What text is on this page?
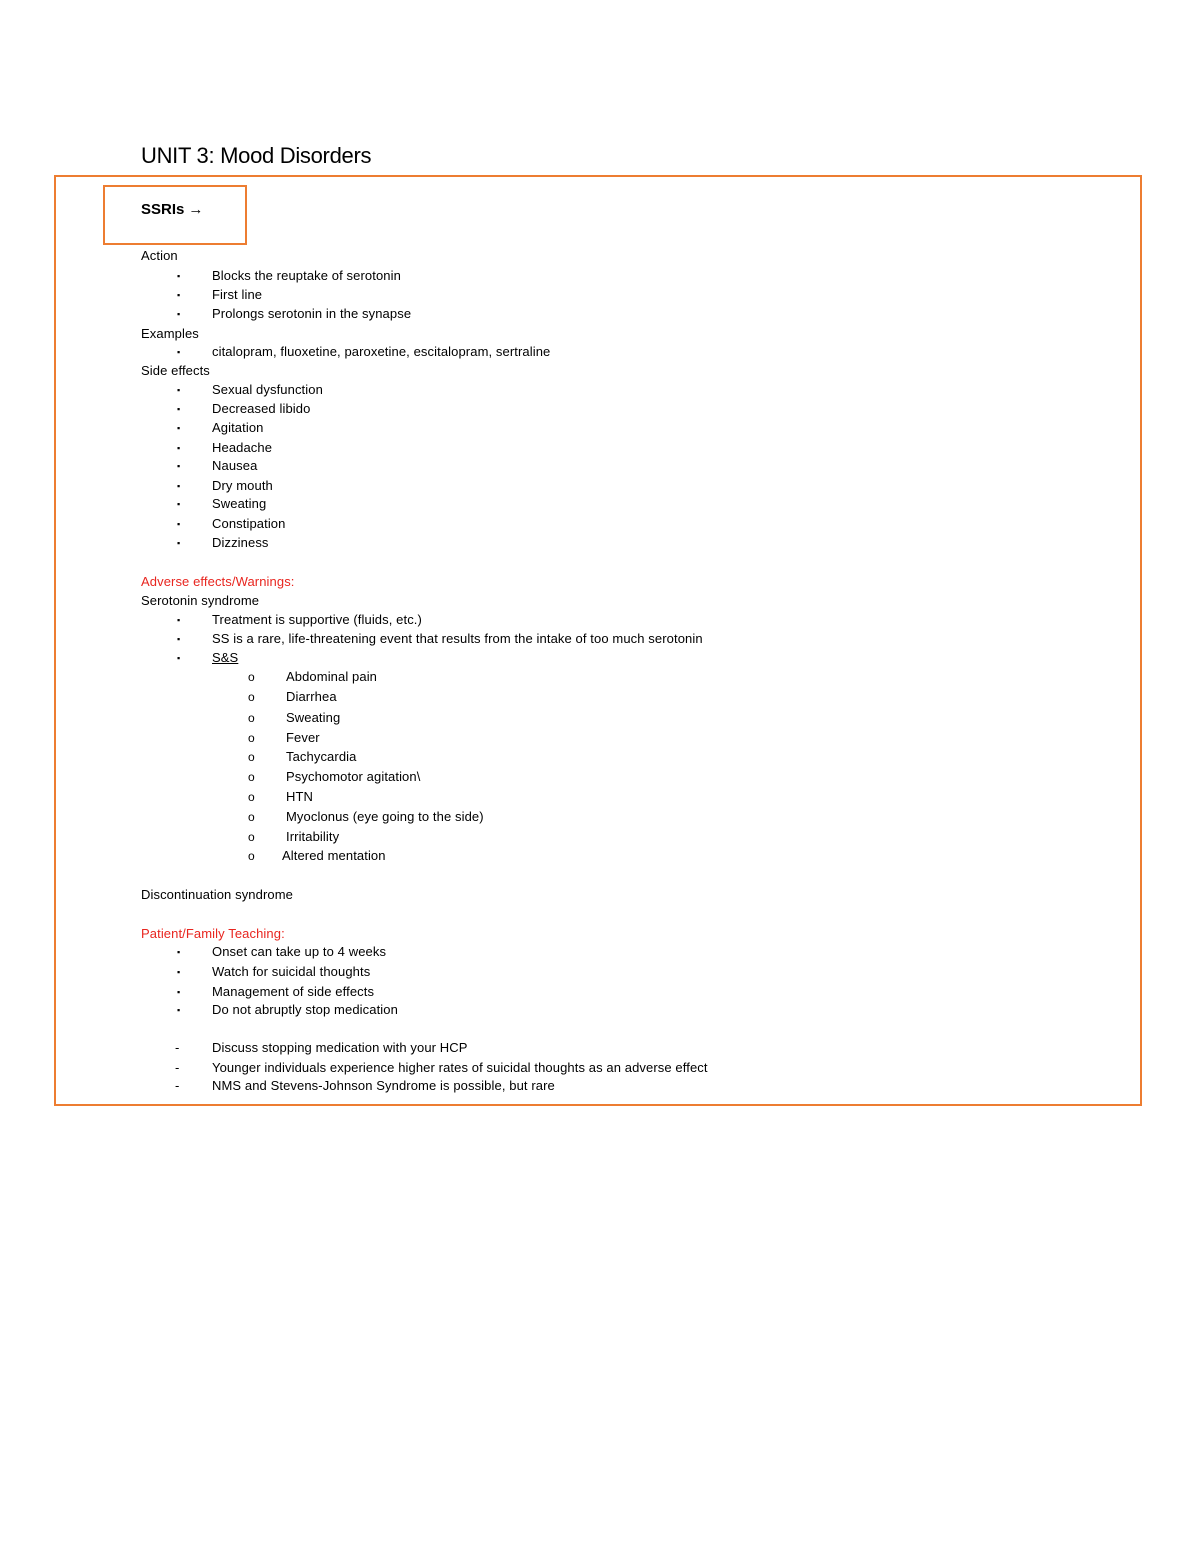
UNIT 3: Mood Disorders
SSRIs →
Action
▪ Blocks the reuptake of serotonin
▪ First line
▪ Prolongs serotonin in the synapse
Examples
▪ citalopram, fluoxetine, paroxetine, escitalopram, sertraline
Side effects
▪ Sexual dysfunction
▪ Decreased libido
▪ Agitation
▪ Headache
▪ Nausea
▪ Dry mouth
▪ Sweating
▪ Constipation
▪ Dizziness
Adverse effects/Warnings:
Serotonin syndrome
▪ Treatment is supportive (fluids, etc.)
▪ SS is a rare, life-threatening event that results from the intake of too much serotonin
▪ S&S
o Abdominal pain
o Diarrhea
o Sweating
o Fever
o Tachycardia
o Psychomotor agitation\
o HTN
o Myoclonus (eye going to the side)
o Irritability
o Altered mentation
Discontinuation syndrome
Patient/Family Teaching:
▪ Onset can take up to 4 weeks
▪ Watch for suicidal thoughts
▪ Management of side effects
▪ Do not abruptly stop medication
-	Discuss stopping medication with your HCP
-	Younger individuals experience higher rates of suicidal thoughts as an adverse effect
-	NMS and Stevens-Johnson Syndrome is possible, but rare
